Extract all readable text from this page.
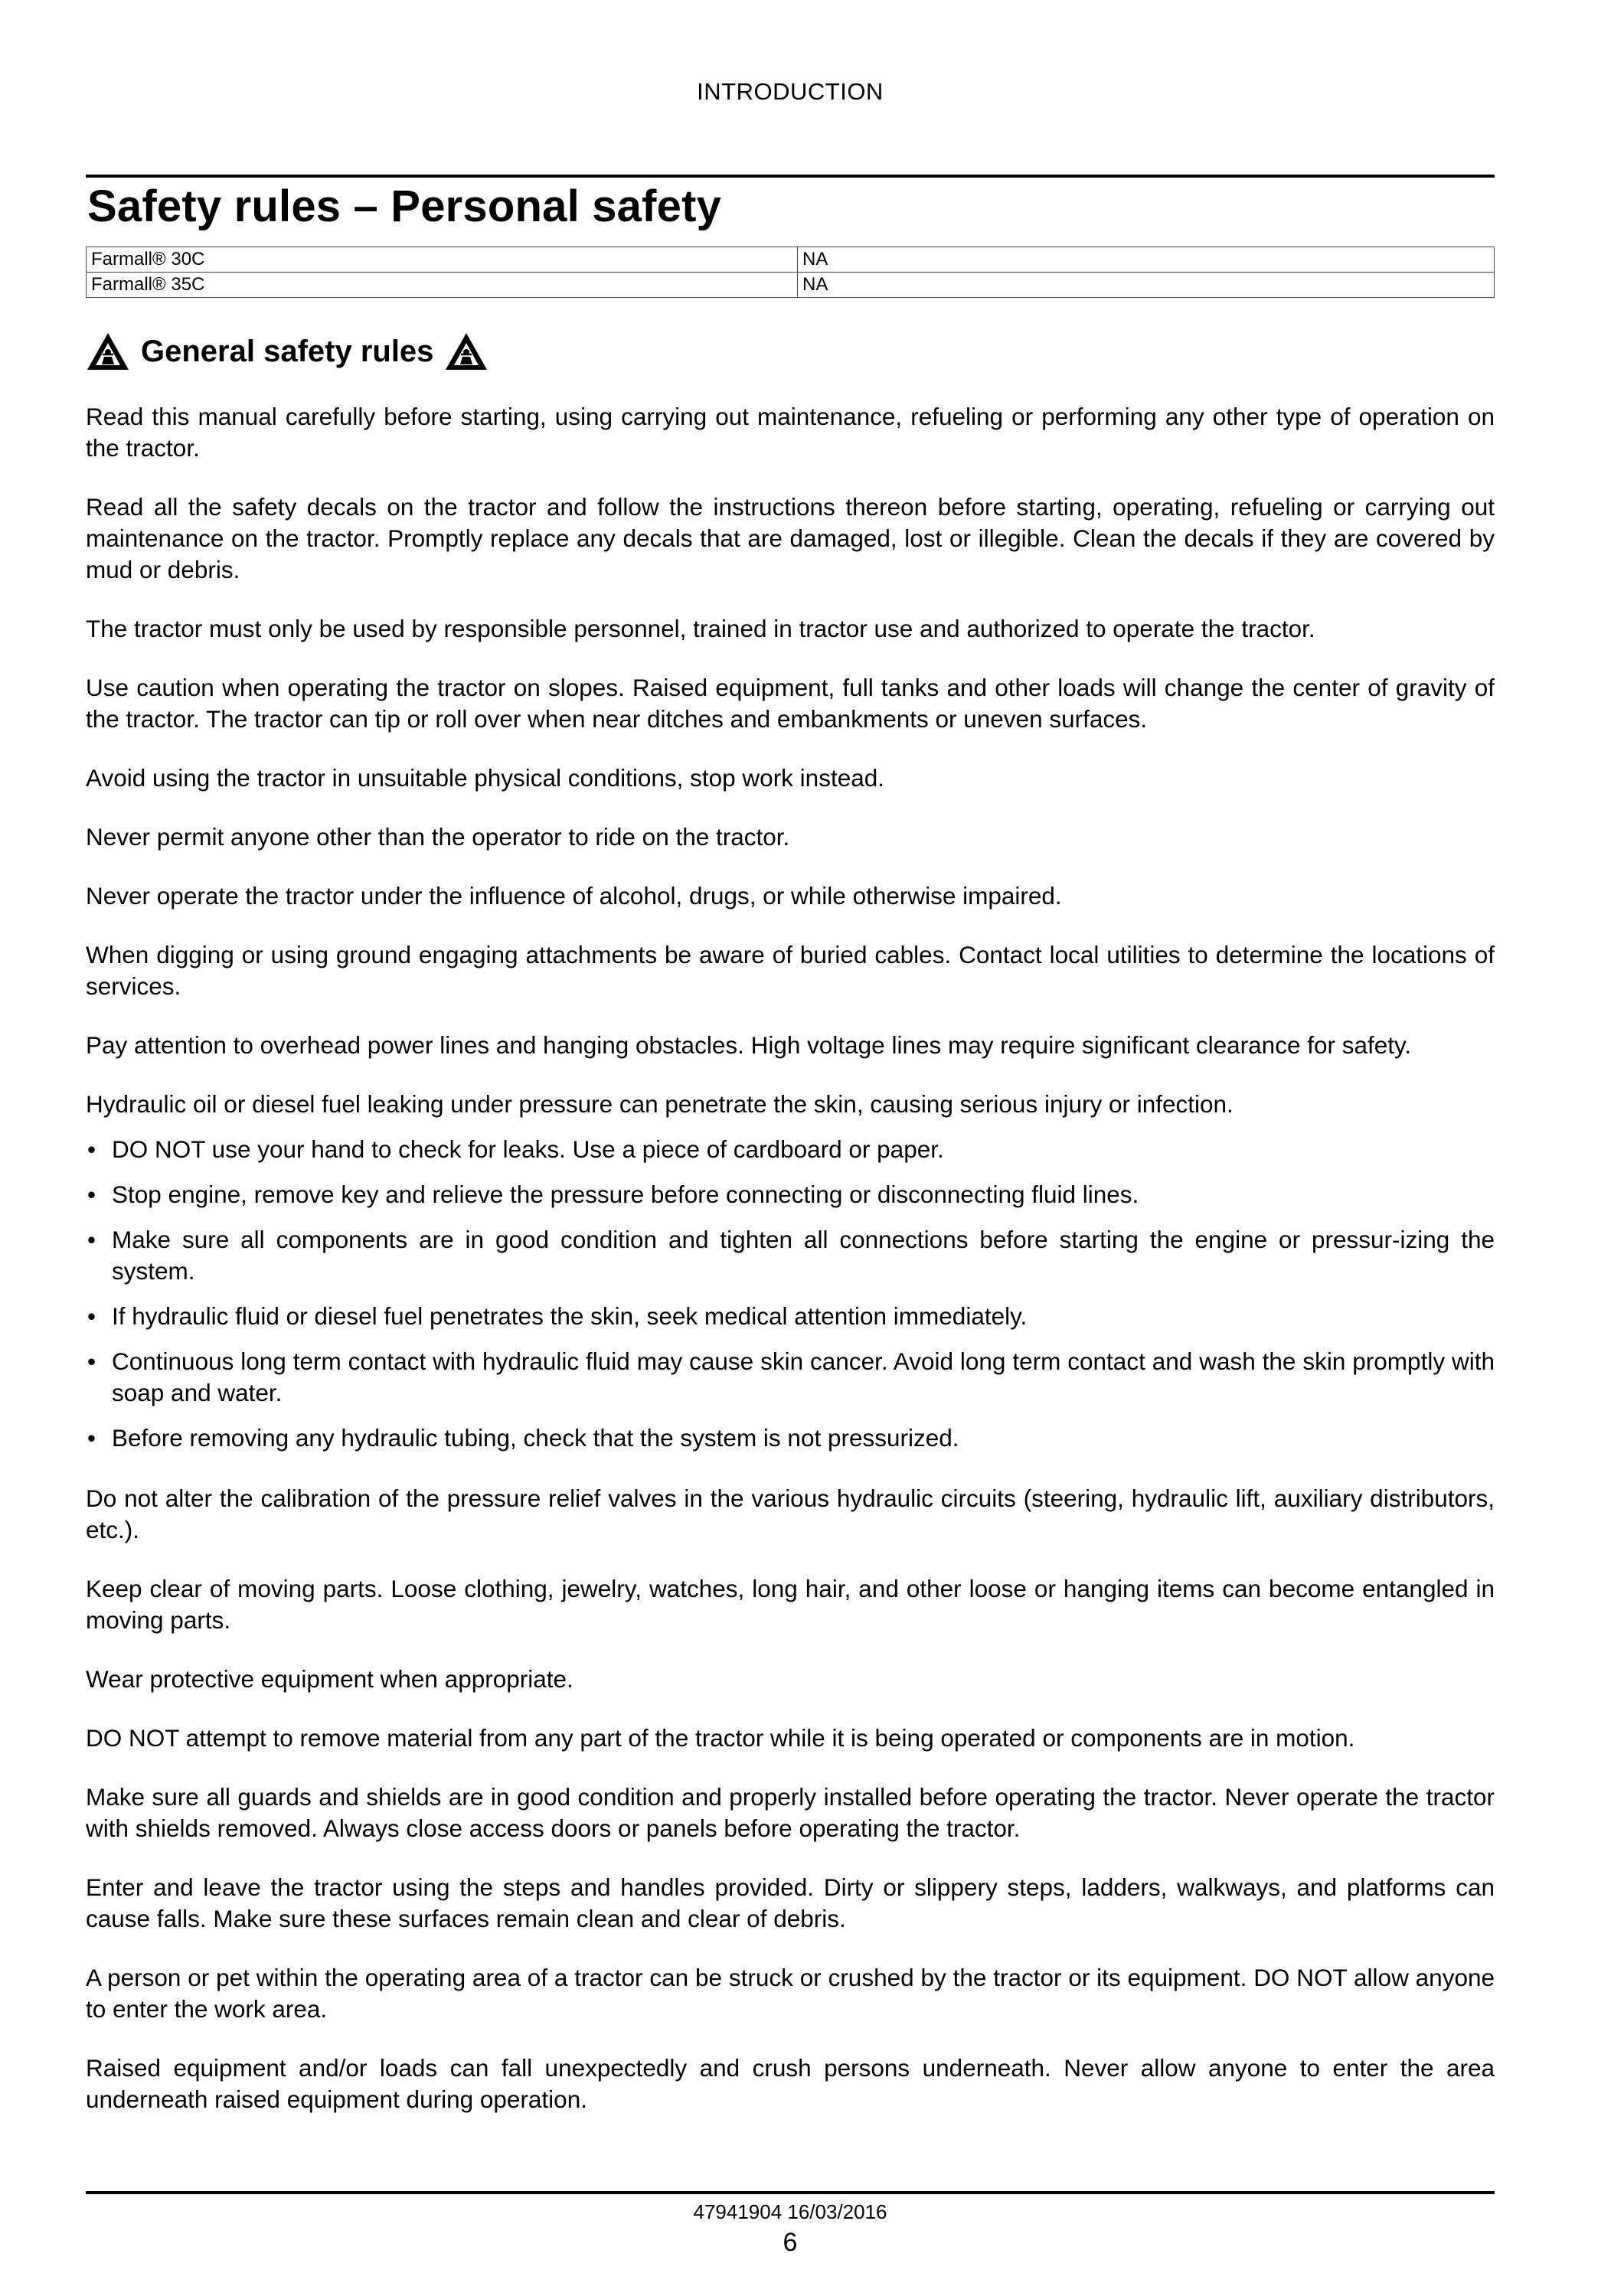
INTRODUCTION
Safety rules – Personal safety
Farmall® 30C	NA
Farmall® 35C	NA
General safety rules

Read this manual carefully before starting, using carrying out maintenance, refueling or performing any other type of operation on the tractor.

Read all the safety decals on the tractor and follow the instructions thereon before starting, operating, refueling or carrying out maintenance on the tractor. Promptly replace any decals that are damaged, lost or illegible. Clean the decals if they are covered by mud or debris.

The tractor must only be used by responsible personnel, trained in tractor use and authorized to operate the tractor.

Use caution when operating the tractor on slopes. Raised equipment, full tanks and other loads will change the center of gravity of the tractor. The tractor can tip or roll over when near ditches and embankments or uneven surfaces.

Avoid using the tractor in unsuitable physical conditions, stop work instead.

Never permit anyone other than the operator to ride on the tractor.

Never operate the tractor under the influence of alcohol, drugs, or while otherwise impaired.

When digging or using ground engaging attachments be aware of buried cables. Contact local utilities to determine the locations of services.

Pay attention to overhead power lines and hanging obstacles. High voltage lines may require significant clearance for safety.

Hydraulic oil or diesel fuel leaking under pressure can penetrate the skin, causing serious injury or infection.

• DO NOT use your hand to check for leaks. Use a piece of cardboard or paper.
• Stop engine, remove key and relieve the pressure before connecting or disconnecting fluid lines.
• Make sure all components are in good condition and tighten all connections before starting the engine or pressur-izing the system.
• If hydraulic fluid or diesel fuel penetrates the skin, seek medical attention immediately.
• Continuous long term contact with hydraulic fluid may cause skin cancer. Avoid long term contact and wash the skin promptly with soap and water.
• Before removing any hydraulic tubing, check that the system is not pressurized.

Do not alter the calibration of the pressure relief valves in the various hydraulic circuits (steering, hydraulic lift, auxiliary distributors, etc.).

Keep clear of moving parts. Loose clothing, jewelry, watches, long hair, and other loose or hanging items can become entangled in moving parts.

Wear protective equipment when appropriate.

DO NOT attempt to remove material from any part of the tractor while it is being operated or components are in motion.

Make sure all guards and shields are in good condition and properly installed before operating the tractor. Never operate the tractor with shields removed. Always close access doors or panels before operating the tractor.

Enter and leave the tractor using the steps and handles provided. Dirty or slippery steps, ladders, walkways, and platforms can cause falls. Make sure these surfaces remain clean and clear of debris.

A person or pet within the operating area of a tractor can be struck or crushed by the tractor or its equipment. DO NOT allow anyone to enter the work area.

Raised equipment and/or loads can fall unexpectedly and crush persons underneath. Never allow anyone to enter the area underneath raised equipment during operation.

47941904 16/03/2016
6
